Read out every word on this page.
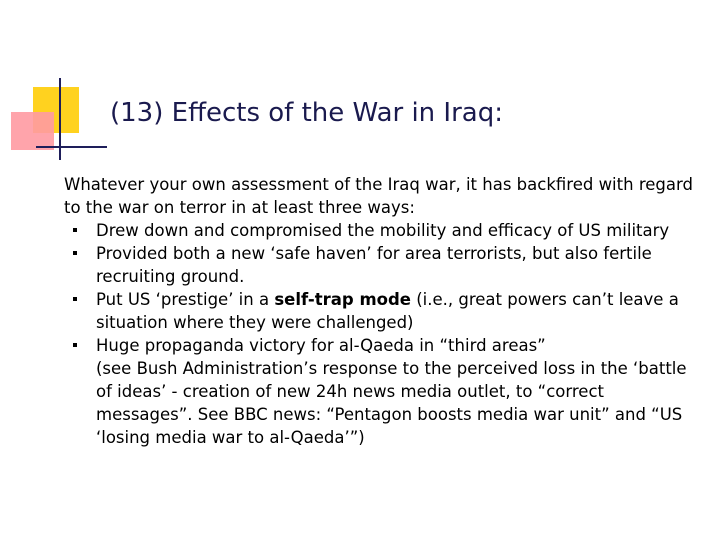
(13) Effects of the War in Iraq:

Whatever your own assessment of the Iraq war, it has backfired with regard to the war on terror in at least three ways:

Drew down and compromised the mobility and efficacy of US military
Provided both a new ‘safe haven’ for area terrorists, but also fertile recruiting ground.
Put US ‘prestige’ in a self-trap mode (i.e., great powers can’t leave a situation where they were challenged)
Huge propaganda victory for al-Qaeda in “third areas”

(see Bush Administration’s response to the perceived loss in the ‘battle of ideas’ - creation of new 24h news media outlet, to “correct messages”. See BBC news: “Pentagon boosts media war unit” and “US ‘losing media war to al-Qaeda’”)
